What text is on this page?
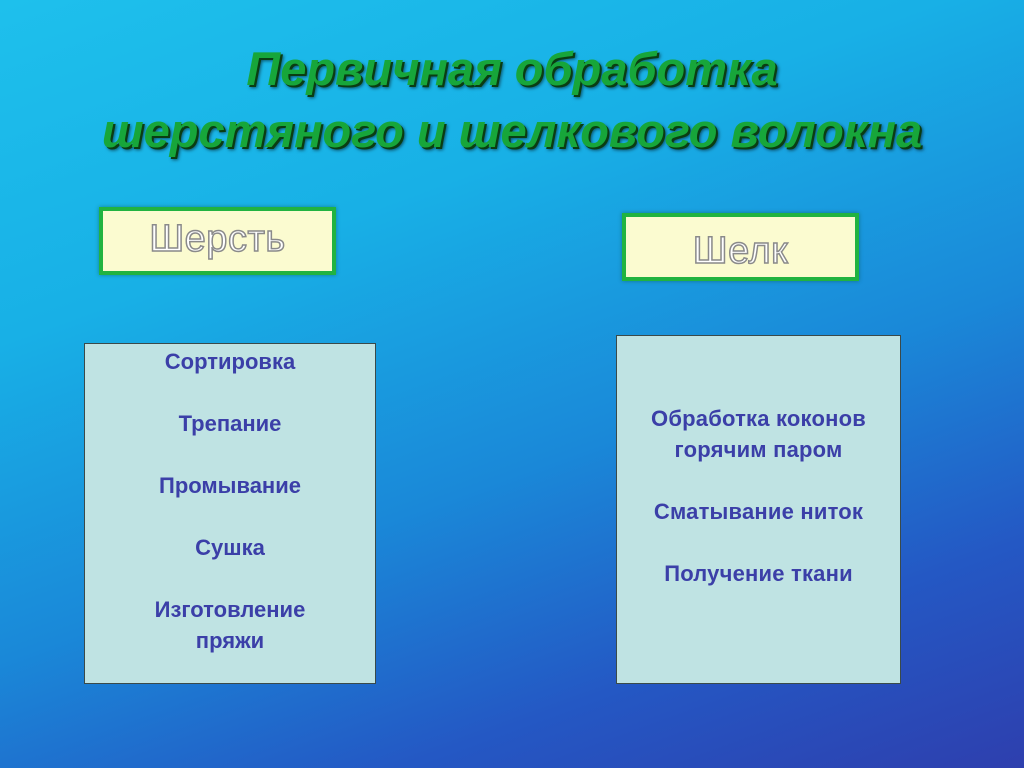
Первичная обработка
шерстяного и шелкового волокна
Шерсть	Шелк
Сортировка
Трепание
Промывание
Сушка
Изготовление
пряжи
Обработка коконов
горячим паром
Сматывание ниток
Получение ткани
